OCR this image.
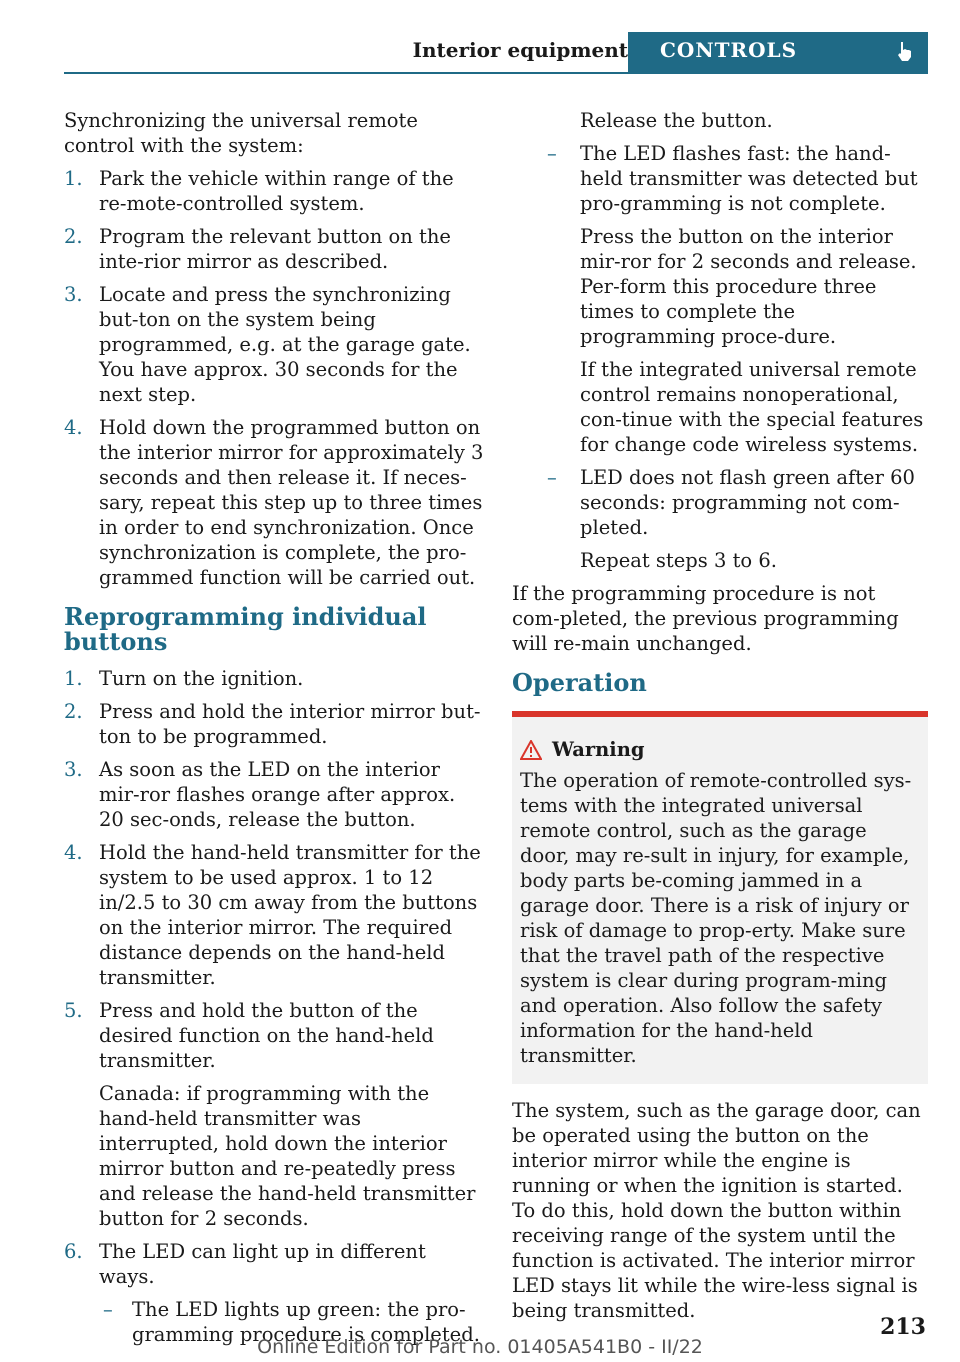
Interior equipment	CONTROLS

Synchronizing the universal remote control with the system:

1. Park the vehicle within range of the re-mote-controlled system.
2. Program the relevant button on the inte-rior mirror as described.
3. Locate and press the synchronizing but-ton on the system being programmed, e.g. at the garage gate. You have approx. 30 seconds for the next step.
4. Hold down the programmed button on the interior mirror for approximately 3 seconds and then release it. If neces-sary, repeat this step up to three times in order to end synchronization. Once synchronization is complete, the pro-grammed function will be carried out.
Reprogramming individual buttons
1. Turn on the ignition.
2. Press and hold the interior mirror but-ton to be programmed.
3. As soon as the LED on the interior mir-ror flashes orange after approx. 20 sec-onds, release the button.
4. Hold the hand-held transmitter for the system to be used approx. 1 to 12 in/2.5 to 30 cm away from the buttons on the interior mirror. The required distance depends on the hand-held transmitter.
5. Press and hold the button of the desired function on the hand-held transmitter.

Canada: if programming with the hand-held transmitter was interrupted, hold down the interior mirror button and re-peatedly press and release the hand-held transmitter button for 2 seconds.

6. The LED can light up in different ways.
– The LED lights up green: the pro-gramming procedure is completed.

Release the button.

– The LED flashes fast: the hand-held transmitter was detected but pro-gramming is not complete.

Press the button on the interior mir-ror for 2 seconds and release. Per-form this procedure three times to complete the programming proce-dure.

If the integrated universal remote control remains nonoperational, con-tinue with the special features for change code wireless systems.

– LED does not flash green after 60 seconds: programming not com-pleted.

Repeat steps 3 to 6.

If the programming procedure is not com-pleted, the previous programming will re-main unchanged.

Operation
Warning
The operation of remote-controlled sys-tems with the integrated universal remote control, such as the garage door, may re-sult in injury, for example, body parts be-coming jammed in a garage door. There is a risk of injury or risk of damage to prop-erty. Make sure that the travel path of the respective system is clear during program-ming and operation. Also follow the safety information for the hand-held transmitter.

The system, such as the garage door, can be operated using the button on the interior mirror while the engine is running or when the ignition is started. To do this, hold down the button within receiving range of the system until the function is activated. The interior mirror LED stays lit while the wire-less signal is being transmitted.

213
Online Edition for Part no. 01405A541B0 - II/22
